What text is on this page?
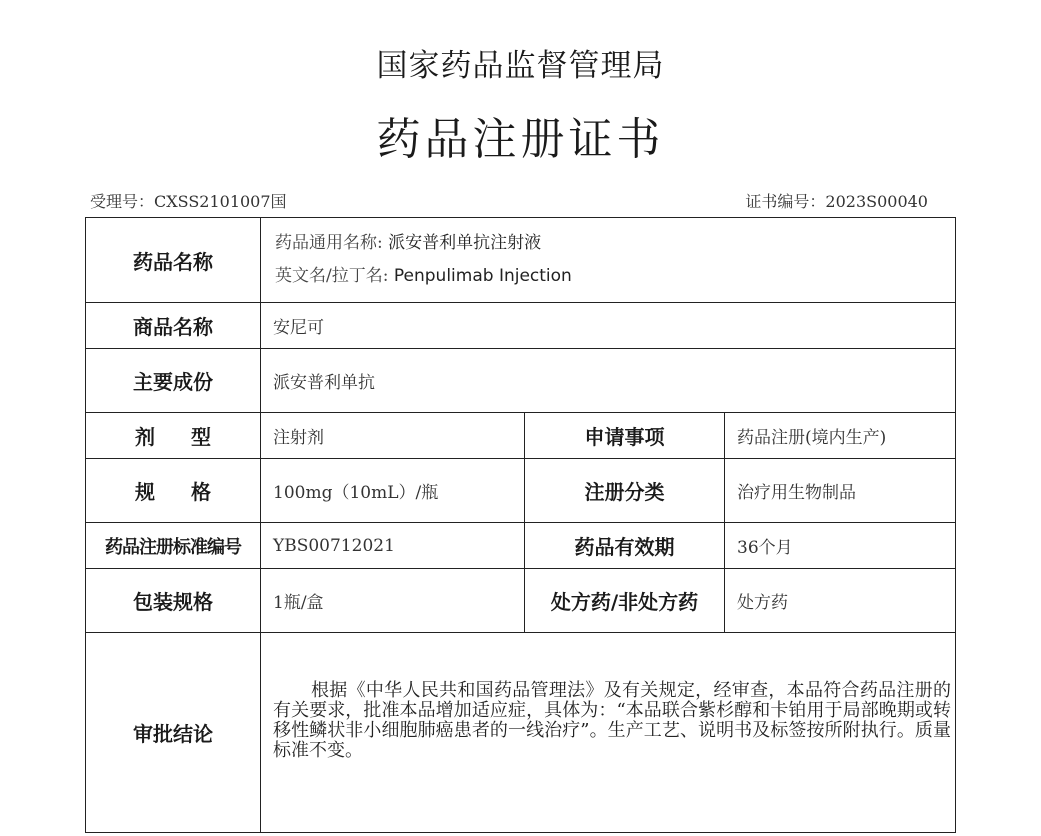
国家药品监督管理局
药品注册证书
受理号：CXSS2101007国	证书编号：2023S00040
药品名称	药品通用名称: 派安普利单抗注射液
英文名/拉丁名: Penpulimab Injection		

商品名称	安尼可		
主要成份	派安普利单抗		
剂型	注射剂	申请事项	药品注册(境内生产)
规格	100mg（10mL）/瓶	注册分类	治疗用生物制品
药品注册标准编号	YBS00712021	药品有效期	36个月
包装规格	1瓶/盒	处方药/非处方药	处方药
审批结论	根据《中华人民共和国药品管理法》及有关规定，经审查，本品符合药品注册的有关要求，批准本品增加适应症，具体为：“本品联合紫杉醇和卡铂用于局部晚期或转移性鳞状非小细胞肺癌患者的一线治疗”。生产工艺、说明书及标签按所附执行。质量标准不变。		
